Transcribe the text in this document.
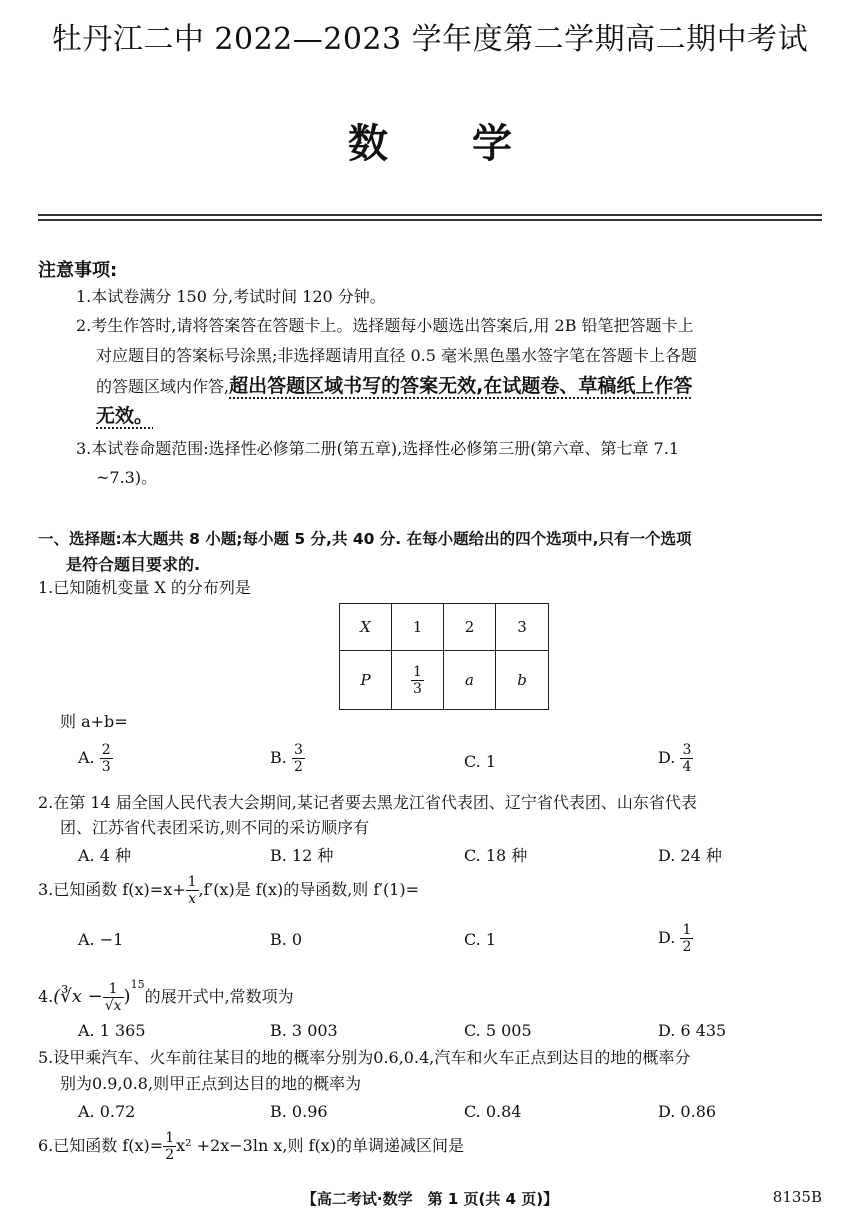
牡丹江二中 2022—2023 学年度第二学期高二期中考试
数 学
注意事项:
1.本试卷满分 150 分,考试时间 120 分钟。
2.考生作答时,请将答案答在答题卡上。选择题每小题选出答案后,用 2B 铅笔把答题卡上
对应题目的答案标号涂黑;非选择题请用直径 0.5 毫米黑色墨水签字笔在答题卡上各题
的答题区域内作答,超出答题区域书写的答案无效,在试题卷、草稿纸上作答
无效。
3.本试卷命题范围:选择性必修第二册(第五章),选择性必修第三册(第六章、第七章 7.1
~7.3)。
一、选择题:本大题共 8 小题;每小题 5 分,共 40 分. 在每小题给出的四个选项中,只有一个选项
是符合题目要求的.
1.已知随机变量 X 的分布列是
X	1	2	3
P	$\frac{1}{3}$	a	b
则 a+b=
A. $\frac{2}{3}$	B. $\frac{3}{2}$	C. 1	D. $\frac{3}{4}$
2.在第 14 届全国人民代表大会期间,某记者要去黑龙江省代表团、辽宁省代表团、山东省代表
团、江苏省代表团采访,则不同的采访顺序有
A. 4 种	B. 12 种	C. 18 种	D. 24 种
3.已知函数 $f(x)=x+ \frac{1}{x} ,f'(x)$是 f(x)的导函数,则 f′(1)=
A. −1	B. 0	C. 1	D. $\frac{1}{2}$
4.(∛x − $\frac{1}{√x} )^{15}$的展开式中,常数项为
A. 1 365	B. 3 003	C. 5 005	D. 6 435
5.设甲乘汽车、火车前往某目的地的概率分别为0.6,0.4,汽车和火车正点到达目的地的概率分
别为0.9,0.8,则甲正点到达目的地的概率为
A. 0.72	B. 0.96	C. 0.84	D. 0.86
6.已知函数 $f(x)= \frac{1}{2} x^2 +2x-3\ln$ x,则 f(x)的单调递减区间是
【高二考试·数学　第 1 页(共 4 页)】	8135B
